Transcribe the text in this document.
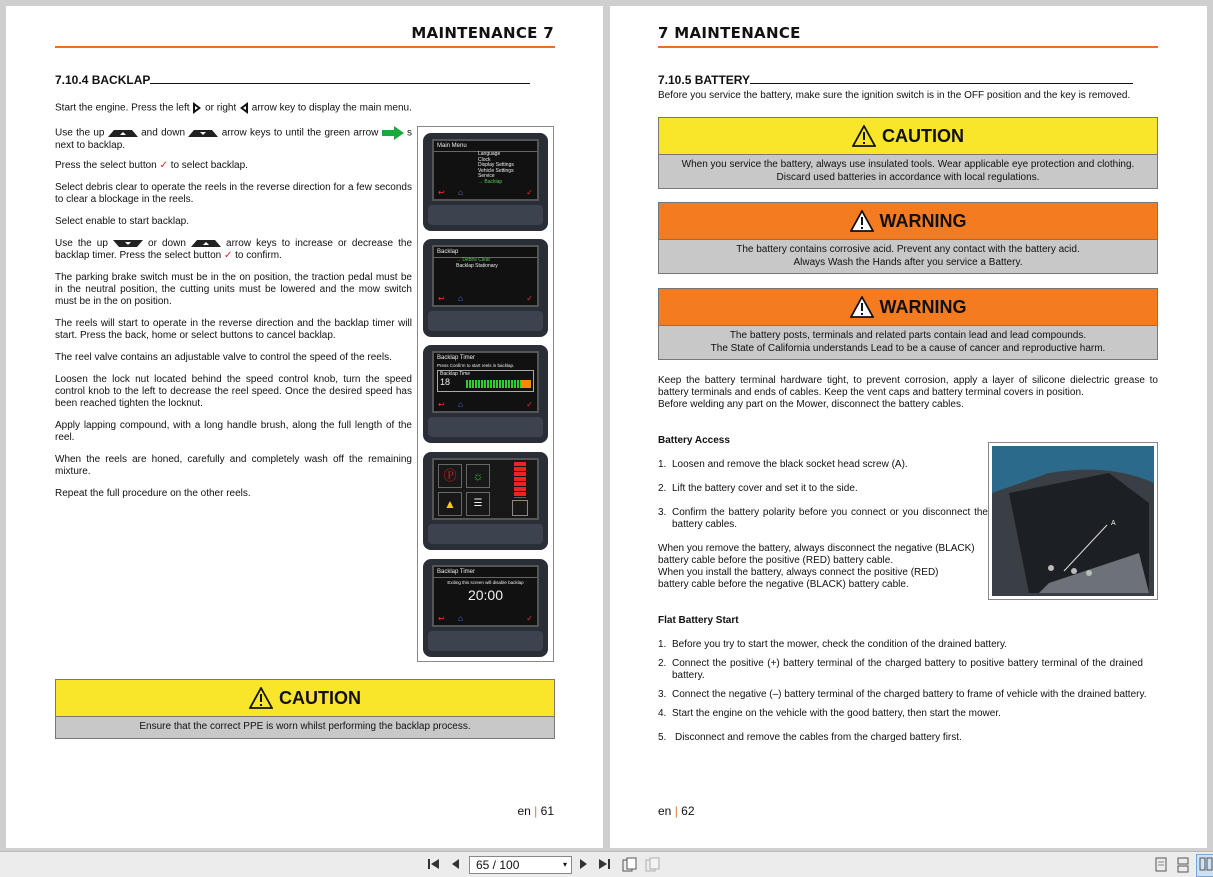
MAINTENANCE 7
7.10.4 BACKLAP

Start the engine. Press the left or right arrow key to display the main menu.

Use the up	and down	arrow keys to until the green arrow	s next to backlap.

Press the select button ✓ to select backlap.

Select debris clear to operate the reels in the reverse direction for a few seconds to clear a blockage in the reels.

Select enable to start backlap.

Use the up	or down	arrow keys to increase or decrease the backlap timer. Press the select button ✓ to confirm.

The parking brake switch must be in the on position, the traction pedal must be in the neutral position, the cutting units must be lowered and the mow switch must be in the on position.

The reels will start to operate in the reverse direction and the backlap timer will start. Press the back, home or select buttons to cancel backlap.

The reel valve contains an adjustable valve to control the speed of the reels.

Loosen the lock nut located behind the speed control knob, turn the speed control knob to the left to decrease the reel speed. Once the desired speed has been reached tighten the locknut.

Apply lapping compound, with a long handle brush, along the full length of the reel.

When the reels are honed, carefully and completely wash off the remaining mixture.

Repeat the full procedure on the other reels.

Main Menu
Language
Clock
Display Settings
Vehicle Settings
Service
→ Backlap
↩ ⌂	✓
Backlap
→ Debris Clear
Backlap Stationary
↩ ⌂	✓
Backlap Timer
Press Confirm to start reels in backlap.
Backlap Time
18
↩ ⌂	✓
Ⓟ	☼
▲	☰
Backlap Timer
Exiting this screen will disable backlap
20:00
↩ ⌂	✓
CAUTION
Ensure that the correct PPE is worn whilst performing the backlap process.
en | 61
7 MAINTENANCE
7.10.5 BATTERY

Before you service the battery, make sure the ignition switch is in the OFF position and the key is removed.

CAUTION
When you service the battery, always use insulated tools. Wear applicable eye protection and clothing.
Discard used batteries in accordance with local regulations.
WARNING
The battery contains corrosive acid. Prevent any contact with the battery acid.
Always Wash the Hands after you service a Battery.
WARNING
The battery posts, terminals and related parts contain lead and lead compounds.
The State of California understands Lead to be a cause of cancer and reproductive harm.
Keep the battery terminal hardware tight, to prevent corrosion, apply a layer of silicone dielectric grease to battery terminals and ends of cables. Keep the vent caps and battery terminal covers in position.
Before welding any part on the Mower, disconnect the battery cables.
Battery Access
1. Loosen and remove the black socket head screw (A).
2. Lift the battery cover and set it to the side.
3. Confirm the battery polarity before you connect or you disconnect the battery cables.
When you remove the battery, always disconnect the negative (BLACK)
battery cable before the positive (RED) battery cable.
When you install the battery, always connect the positive (RED)
battery cable before the negative (BLACK) battery cable.
A
Flat Battery Start
1. Before you try to start the mower, check the condition of the drained battery.
2. Connect the positive (+) battery terminal of the charged battery to positive battery terminal of the drained battery.
3. Connect the negative (–) battery terminal of the charged battery to frame of vehicle with the drained battery.
4. Start the engine on the vehicle with the good battery, then start the mower.
5. Disconnect and remove the cables from the charged battery first.
en | 62
65 / 100	▾
